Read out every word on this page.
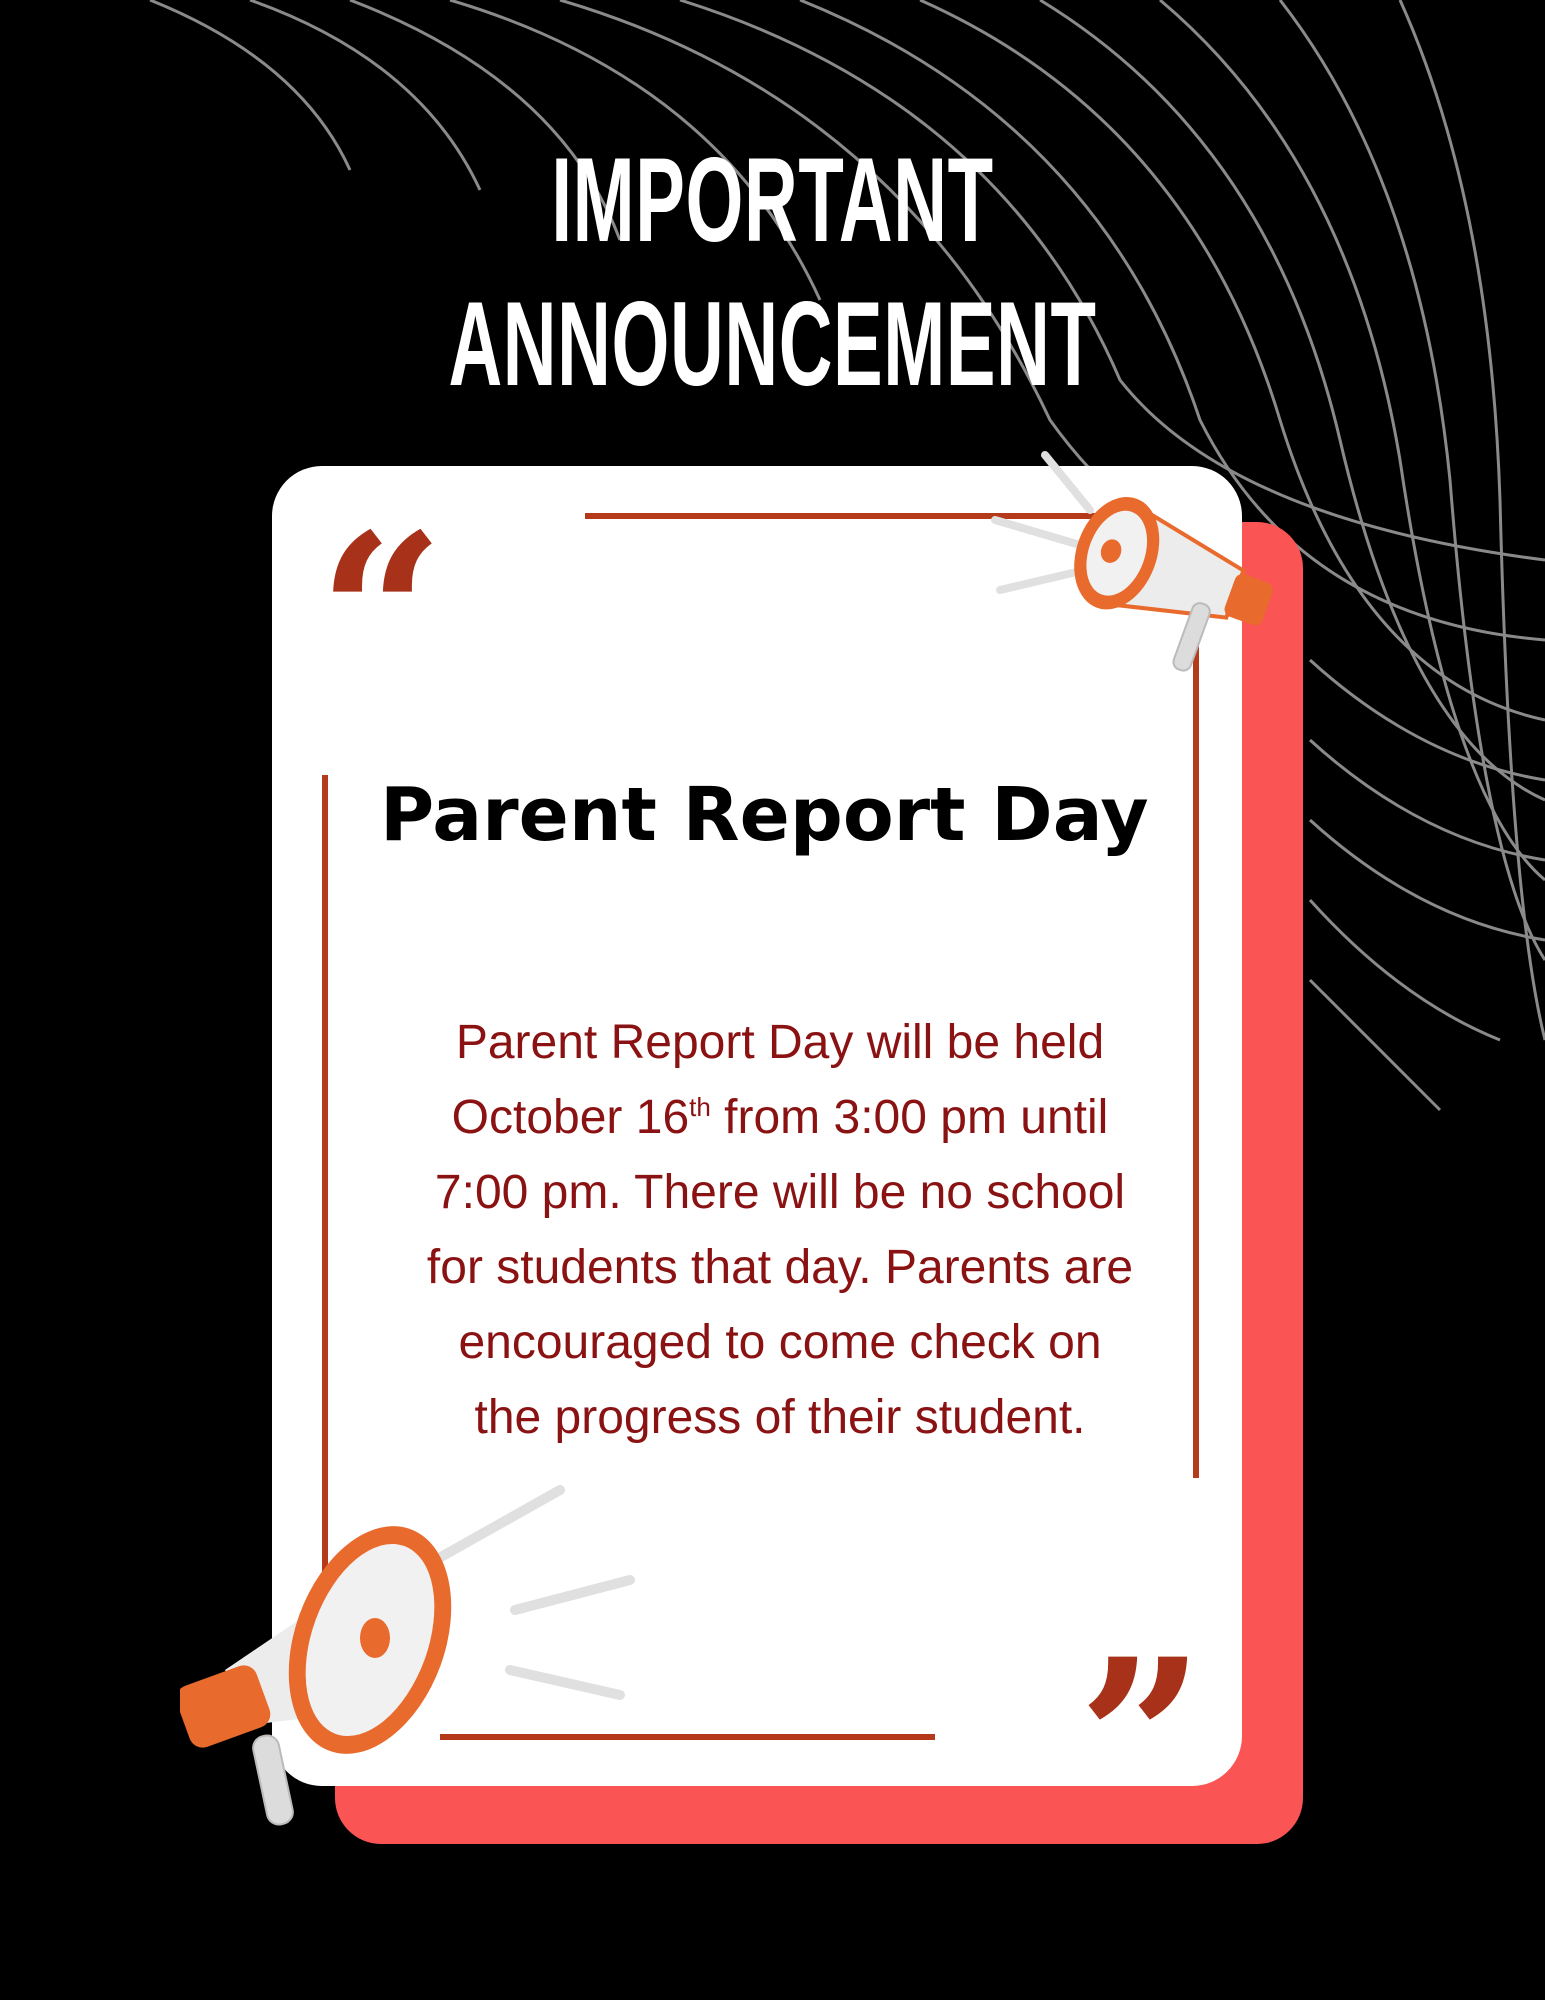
IMPORTANT
ANNOUNCEMENT
“
”
Parent Report Day
Parent Report Day will be held October 16th from 3:00 pm until 7:00 pm. There will be no school for students that day. Parents are encouraged to come check on the progress of their student.
